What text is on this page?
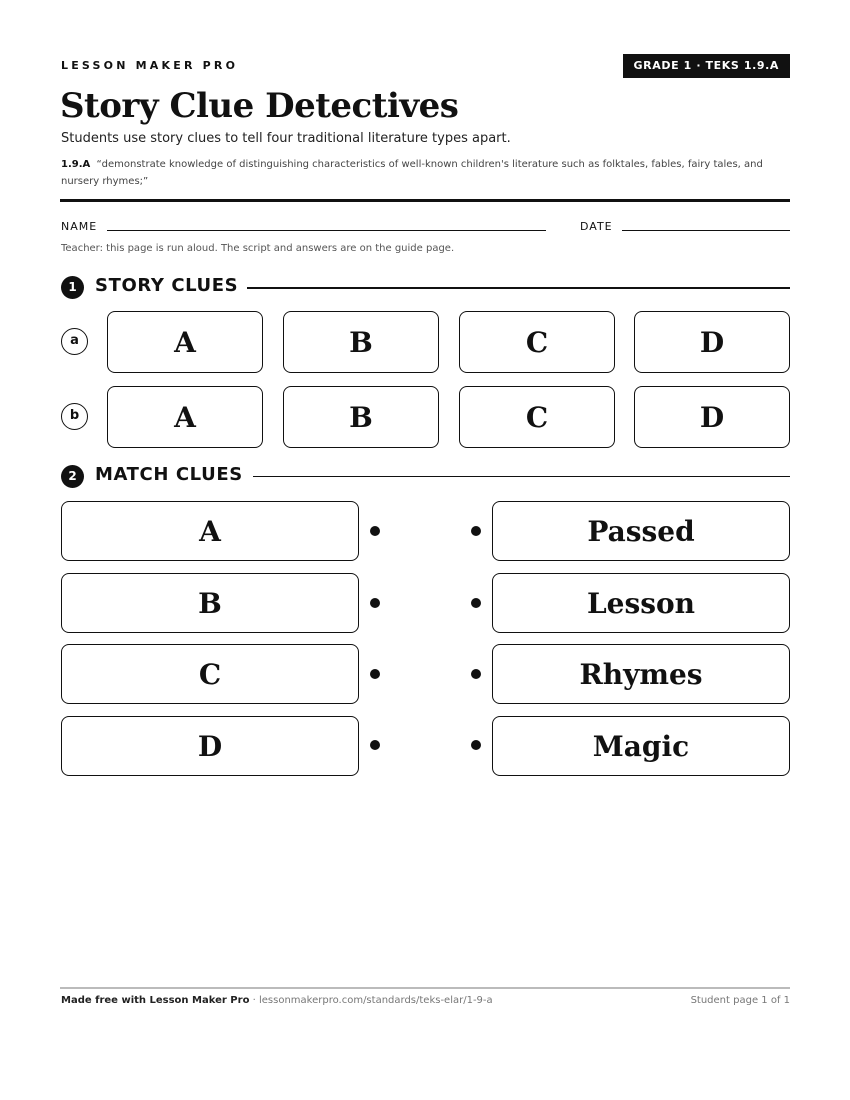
LESSON MAKER PRO	GRADE 1 · TEKS 1.9.A
Story Clue Detectives
Students use story clues to tell four traditional literature types apart.
1.9.A “demonstrate knowledge of distinguishing characteristics of well-known children's literature such as folktales, fables, fairy tales, and nursery rhymes;”
NAME	DATE
Teacher: this page is run aloud. The script and answers are on the guide page.
1	STORY CLUES
a	A	B	C	D
b	A	B	C	D
2	MATCH CLUES
A	Passed
B	Lesson
C	Rhymes
D	Magic
Made free with Lesson Maker Pro · lessonmakerpro.com/standards/teks-elar/1-9-a	Student page 1 of 1
